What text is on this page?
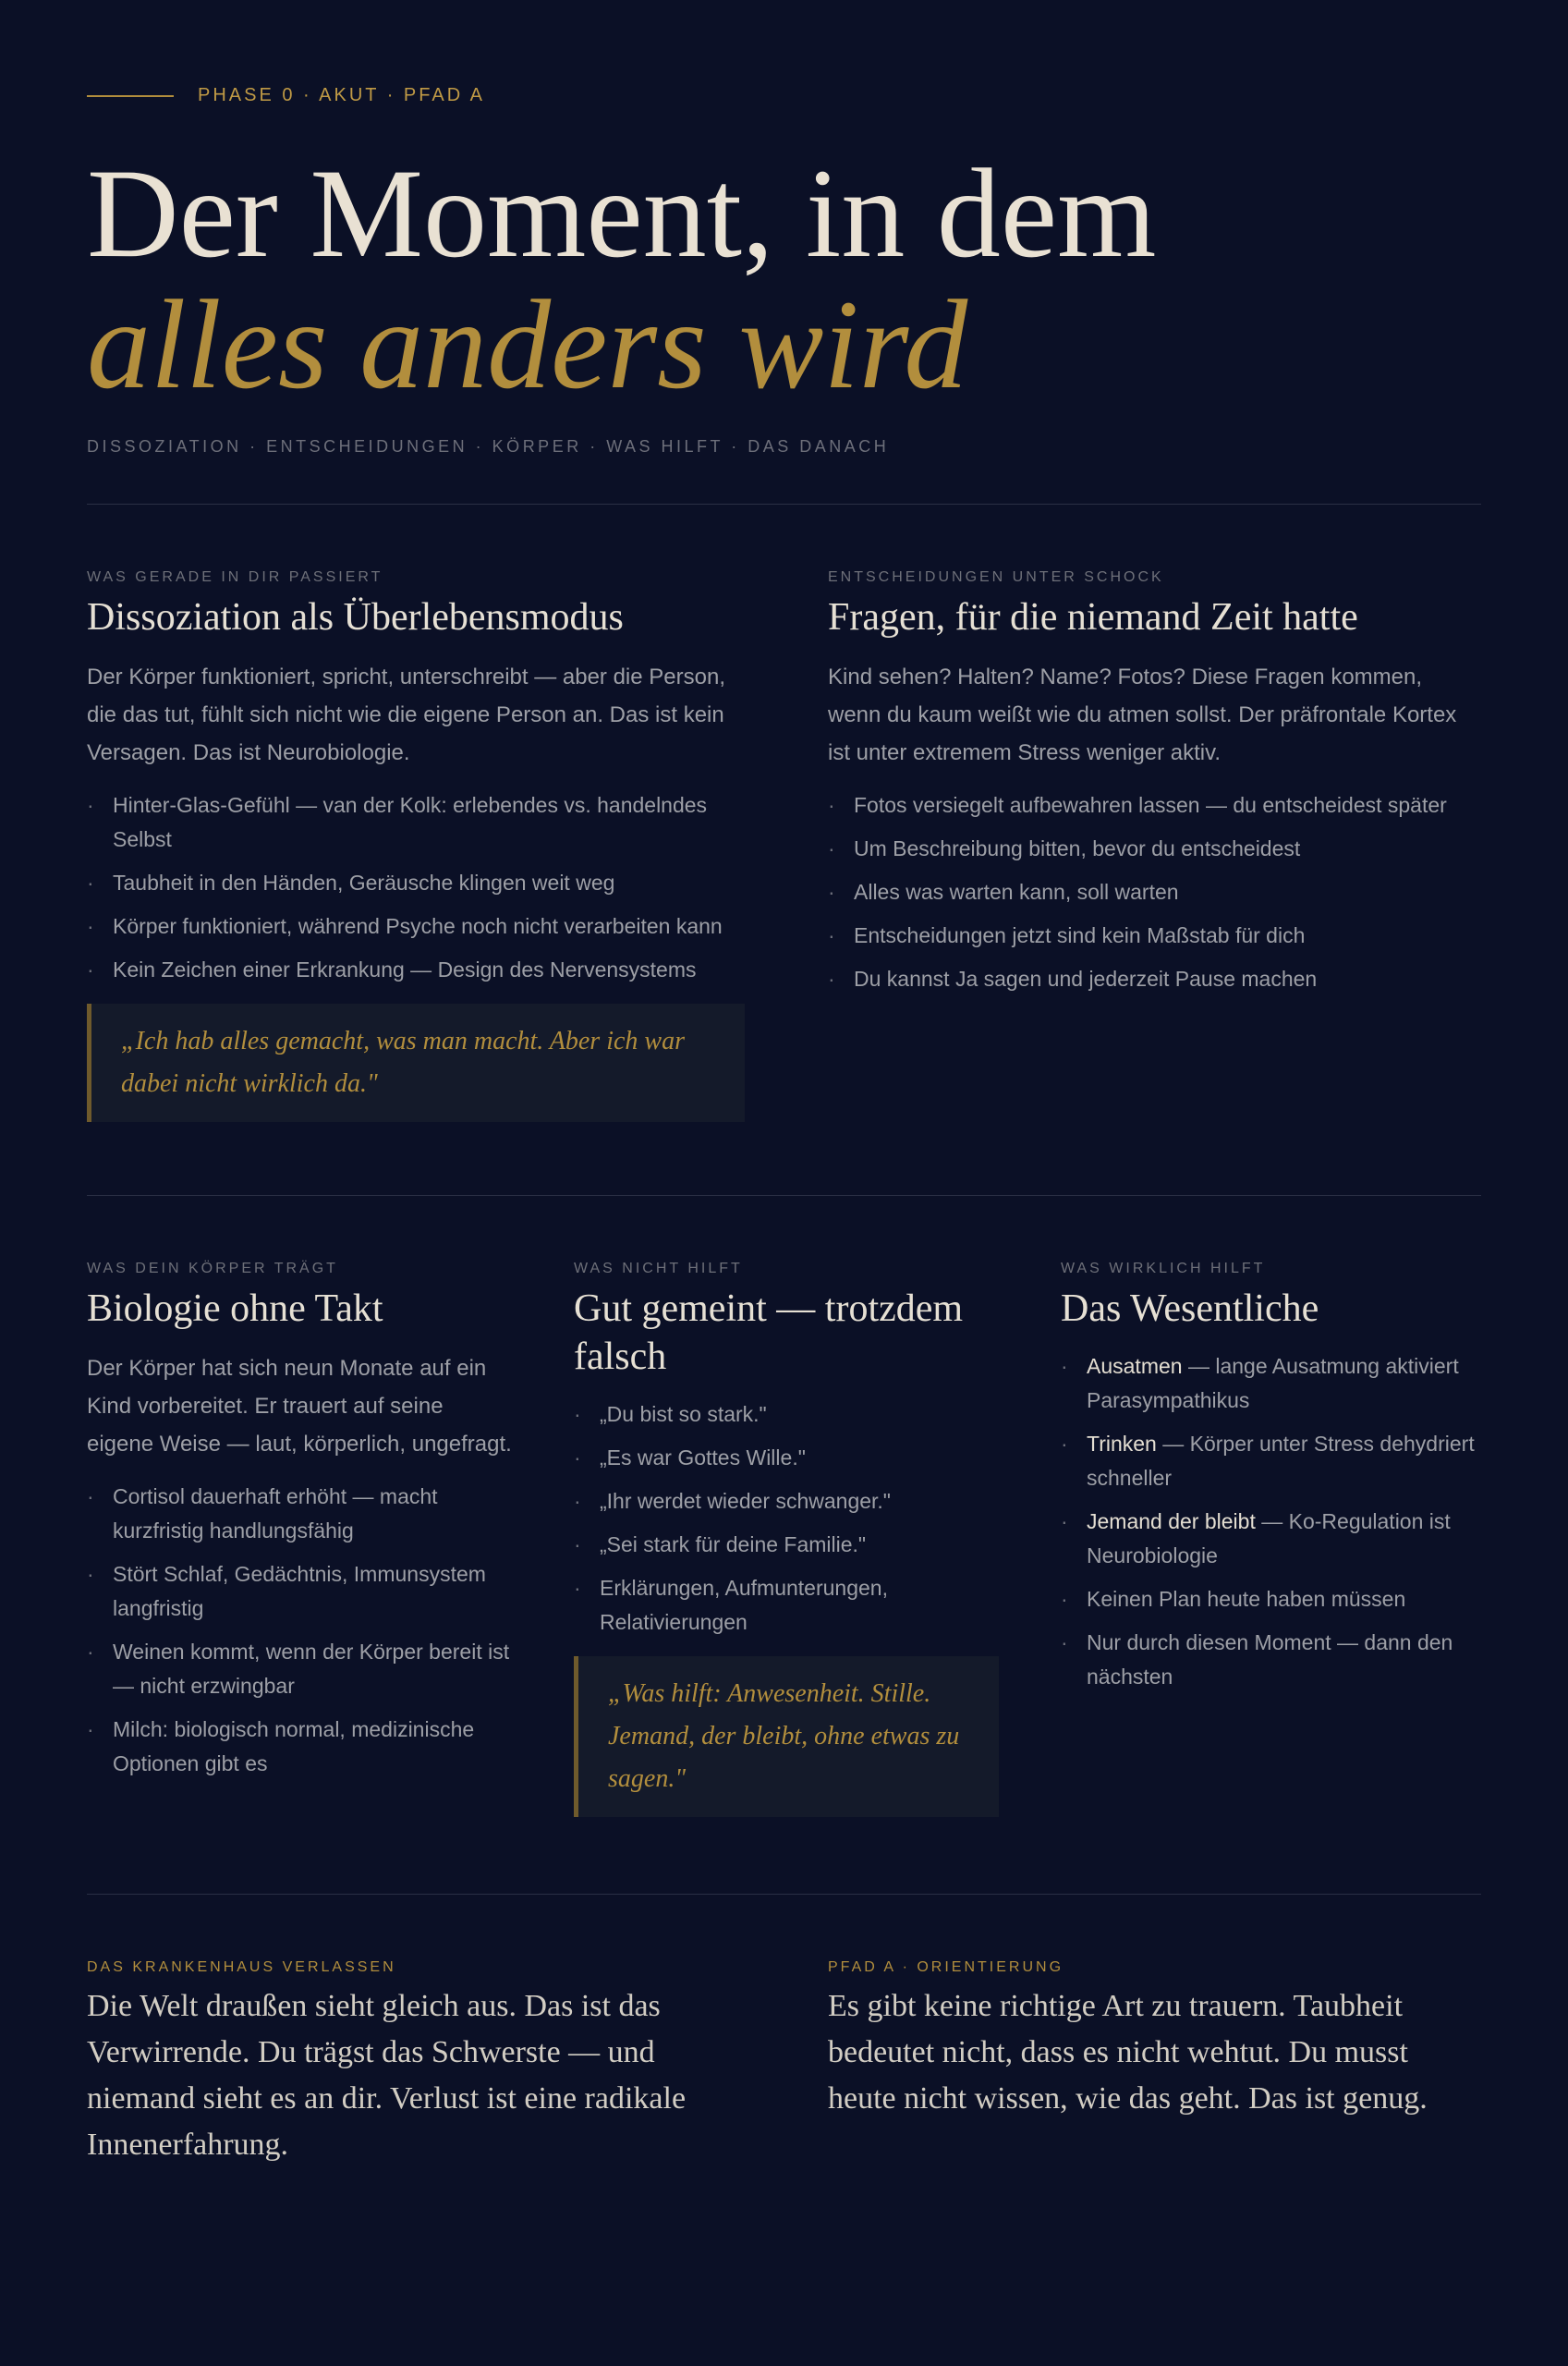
PHASE 0 · AKUT · PFAD A
Der Moment, in dem
alles anders wird
DISSOZIATION · ENTSCHEIDUNGEN · KÖRPER · WAS HILFT · DAS DANACH
WAS GERADE IN DIR PASSIERT
Dissoziation als Überlebensmodus

Der Körper funktioniert, spricht, unterschreibt — aber die Person, die das tut, fühlt sich nicht wie die eigene Person an. Das ist kein Versagen. Das ist Neurobiologie.

· Hinter-Glas-Gefühl — van der Kolk: erlebendes vs. handelndes Selbst
· Taubheit in den Händen, Geräusche klingen weit weg
· Körper funktioniert, während Psyche noch nicht verarbeiten kann
· Kein Zeichen einer Erkrankung — Design des Nervensystems
„Ich hab alles gemacht, was man macht. Aber ich war dabei nicht wirklich da."
ENTSCHEIDUNGEN UNTER SCHOCK
Fragen, für die niemand Zeit hatte

Kind sehen? Halten? Name? Fotos? Diese Fragen kommen, wenn du kaum weißt wie du atmen sollst. Der präfrontale Kortex ist unter extremem Stress weniger aktiv.

· Fotos versiegelt aufbewahren lassen — du entscheidest später
· Um Beschreibung bitten, bevor du entscheidest
· Alles was warten kann, soll warten
· Entscheidungen jetzt sind kein Maßstab für dich
· Du kannst Ja sagen und jederzeit Pause machen
WAS DEIN KÖRPER TRÄGT
Biologie ohne Takt

Der Körper hat sich neun Monate auf ein Kind vorbereitet. Er trauert auf seine eigene Weise — laut, körperlich, ungefragt.

· Cortisol dauerhaft erhöht — macht kurzfristig handlungsfähig
· Stört Schlaf, Gedächtnis, Immunsystem langfristig
· Weinen kommt, wenn der Körper bereit ist — nicht erzwingbar
· Milch: biologisch normal, medizinische Optionen gibt es
WAS NICHT HILFT
Gut gemeint — trotzdem falsch
· „Du bist so stark."
· „Es war Gottes Wille."
· „Ihr werdet wieder schwanger."
· „Sei stark für deine Familie."
· Erklärungen, Aufmunterungen, Relativierungen
„Was hilft: Anwesenheit. Stille. Jemand, der bleibt, ohne etwas zu sagen."
WAS WIRKLICH HILFT
Das Wesentliche
· Ausatmen — lange Ausatmung aktiviert Parasympathikus
· Trinken — Körper unter Stress dehydriert schneller
· Jemand der bleibt — Ko-Regulation ist Neurobiologie
· Keinen Plan heute haben müssen
· Nur durch diesen Moment — dann den nächsten
DAS KRANKENHAUS VERLASSEN

Die Welt draußen sieht gleich aus. Das ist das Verwirrende. Du trägst das Schwerste — und niemand sieht es an dir. Verlust ist eine radikale Innenerfahrung.

PFAD A · ORIENTIERUNG

Es gibt keine richtige Art zu trauern. Taubheit bedeutet nicht, dass es nicht wehtut. Du musst heute nicht wissen, wie das geht. Das ist genug.
